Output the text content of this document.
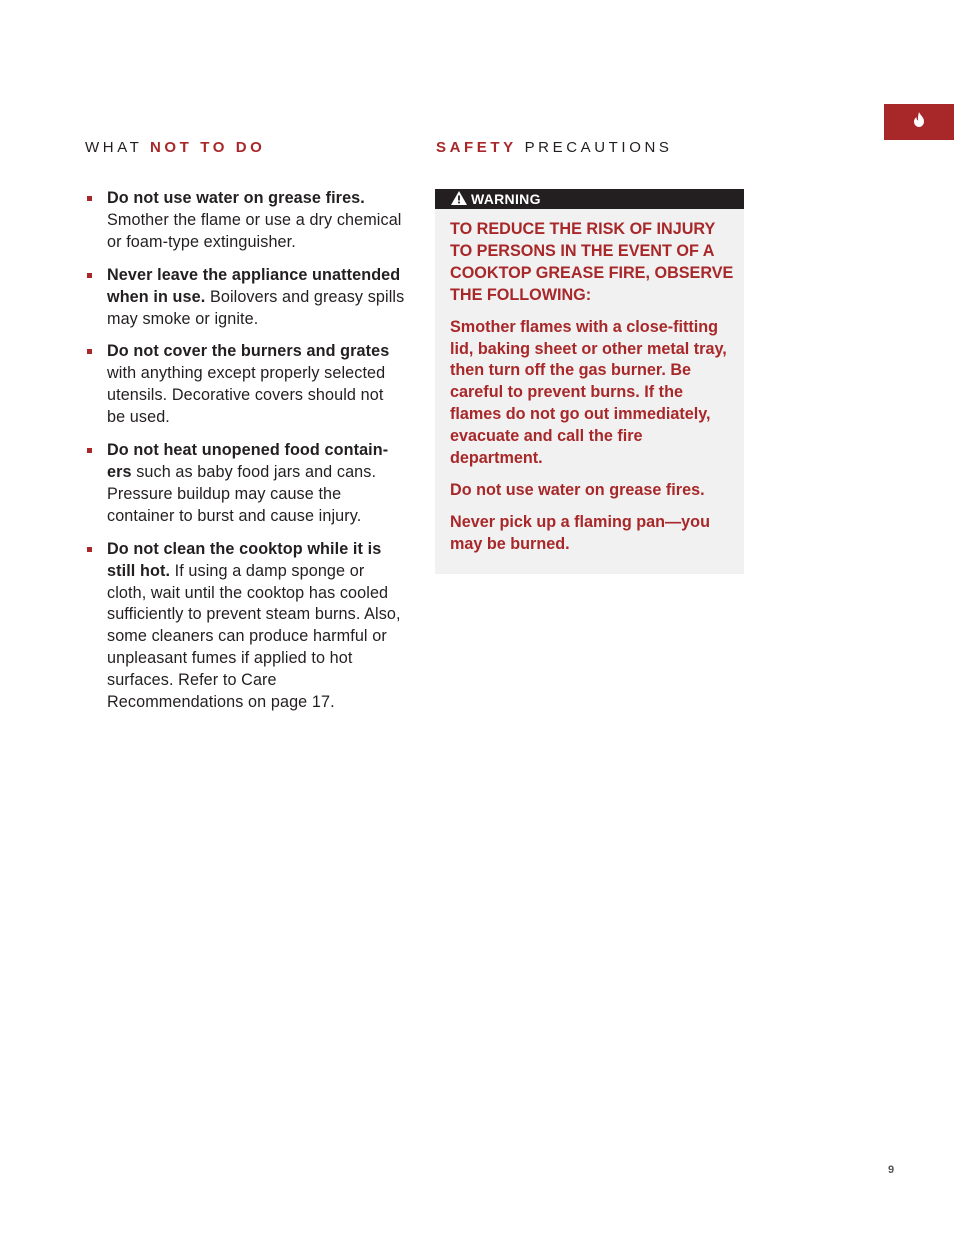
WHAT NOT TO DO	SAFETY PRECAUTIONS
Do not use water on grease fires. Smother the flame or use a dry chemical or foam-type extinguisher.
Never leave the appliance unattended when in use. Boilovers and greasy spills may smoke or ignite.
Do not cover the burners and grates with anything except properly selected utensils. Decorative covers should not be used.
Do not heat unopened food containers such as baby food jars and cans. Pressure buildup may cause the container to burst and cause injury.
Do not clean the cooktop while it is still hot. If using a damp sponge or cloth, wait until the cooktop has cooled sufficiently to prevent steam burns. Also, some cleaners can produce harmful or unpleasant fumes if applied to hot surfaces. Refer to Care Recommendations on page 17.
WARNING

TO REDUCE THE RISK OF INJURY TO PERSONS IN THE EVENT OF A COOKTOP GREASE FIRE, OBSERVE THE FOLLOWING:

Smother flames with a close-fitting lid, baking sheet or other metal tray, then turn off the gas burner. Be careful to prevent burns. If the flames do not go out immediately, evacuate and call the fire department.

Do not use water on grease fires.

Never pick up a flaming pan—you may be burned.

9
